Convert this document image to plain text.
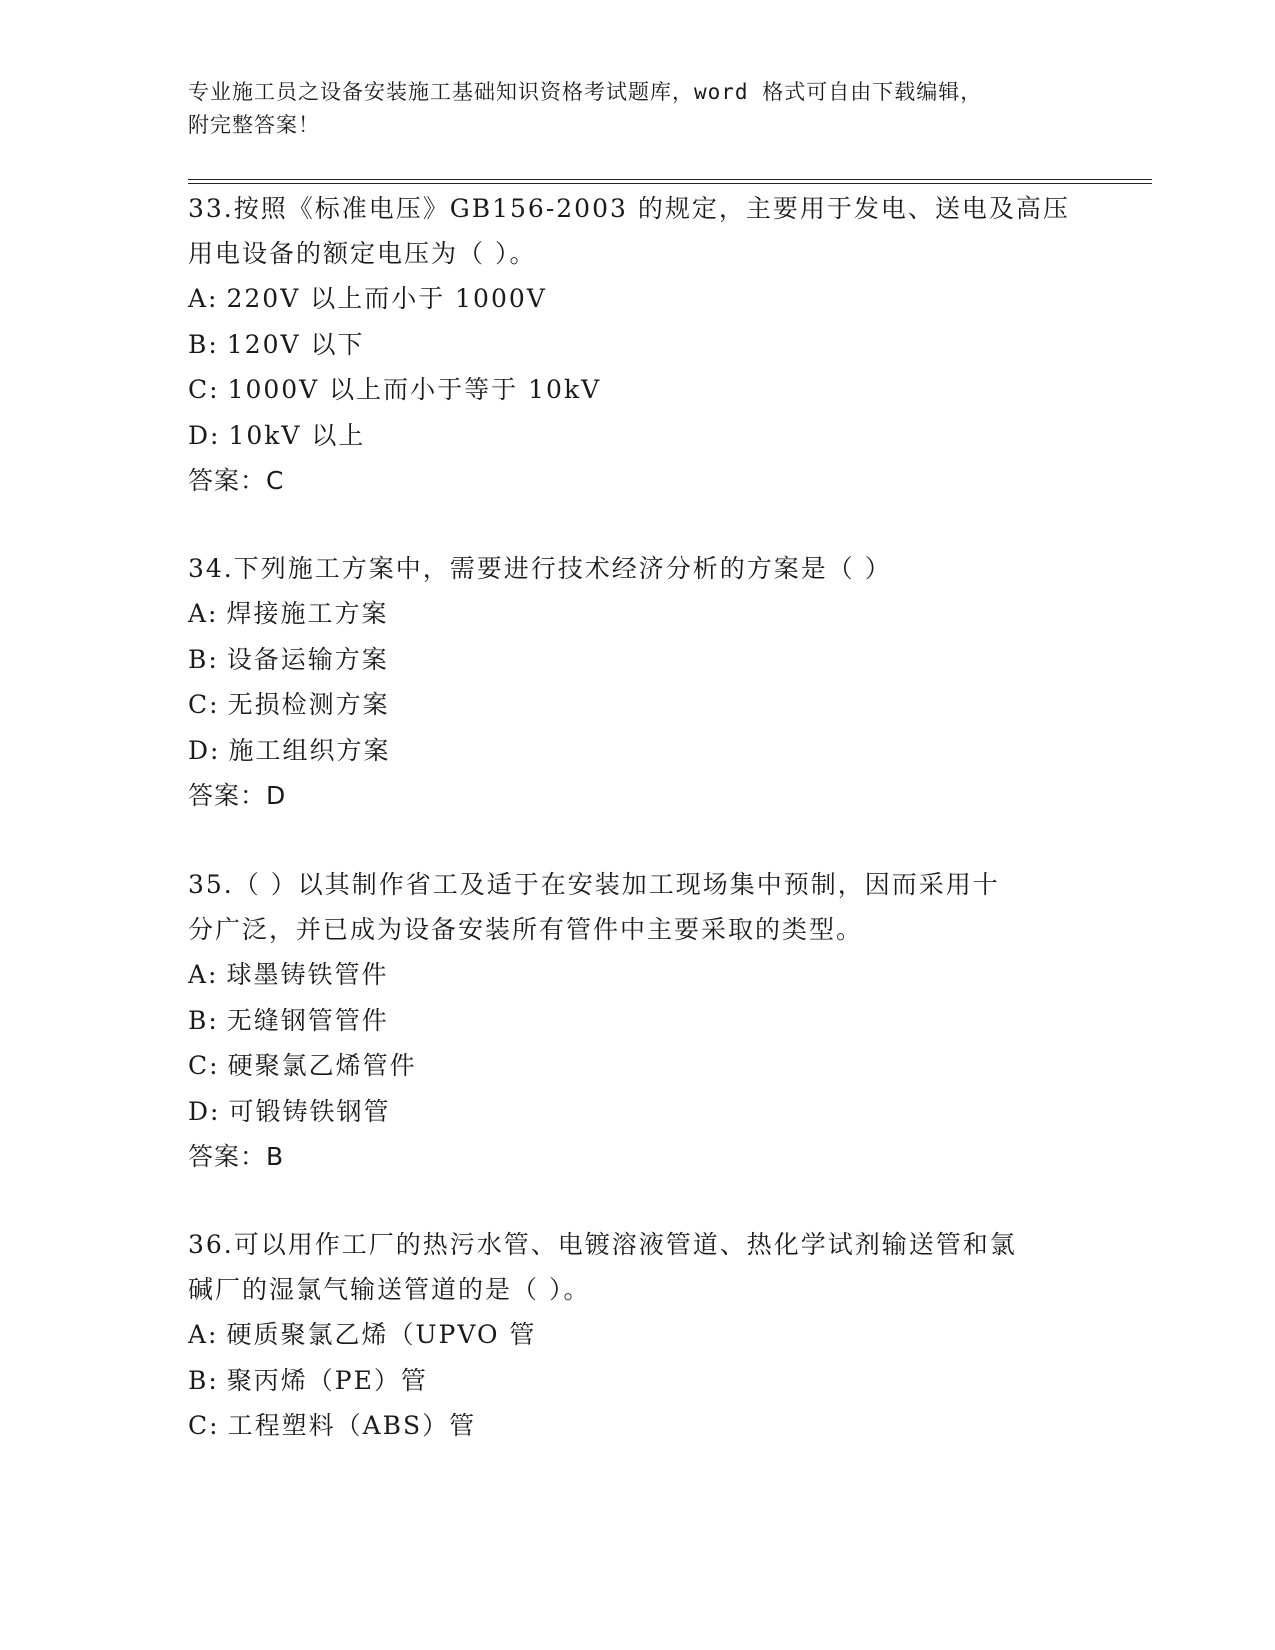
专业施工员之设备安装施工基础知识资格考试题库，word 格式可自由下载编辑，
附完整答案！

33.按照《标准电压》GB156-2003 的规定，主要用于发电、送电及高压

用电设备的额定电压为（ ）。

A: 220V 以上而小于 1000V

B: 120V 以下

C: 1000V 以上而小于等于 10kV

D: 10kV 以上

答案：C

34.下列施工方案中，需要进行技术经济分析的方案是（ ）

A: 焊接施工方案

B: 设备运输方案

C: 无损检测方案

D: 施工组织方案

答案：D

35.（ ）以其制作省工及适于在安装加工现场集中预制，因而采用十

分广泛，并已成为设备安装所有管件中主要采取的类型。

A: 球墨铸铁管件

B: 无缝钢管管件

C: 硬聚氯乙烯管件

D: 可锻铸铁钢管

答案：B

36.可以用作工厂的热污水管、电镀溶液管道、热化学试剂输送管和氯

碱厂的湿氯气输送管道的是（ ）。

A: 硬质聚氯乙烯（UPVO 管

B: 聚丙烯（PE）管

C: 工程塑料（ABS）管
